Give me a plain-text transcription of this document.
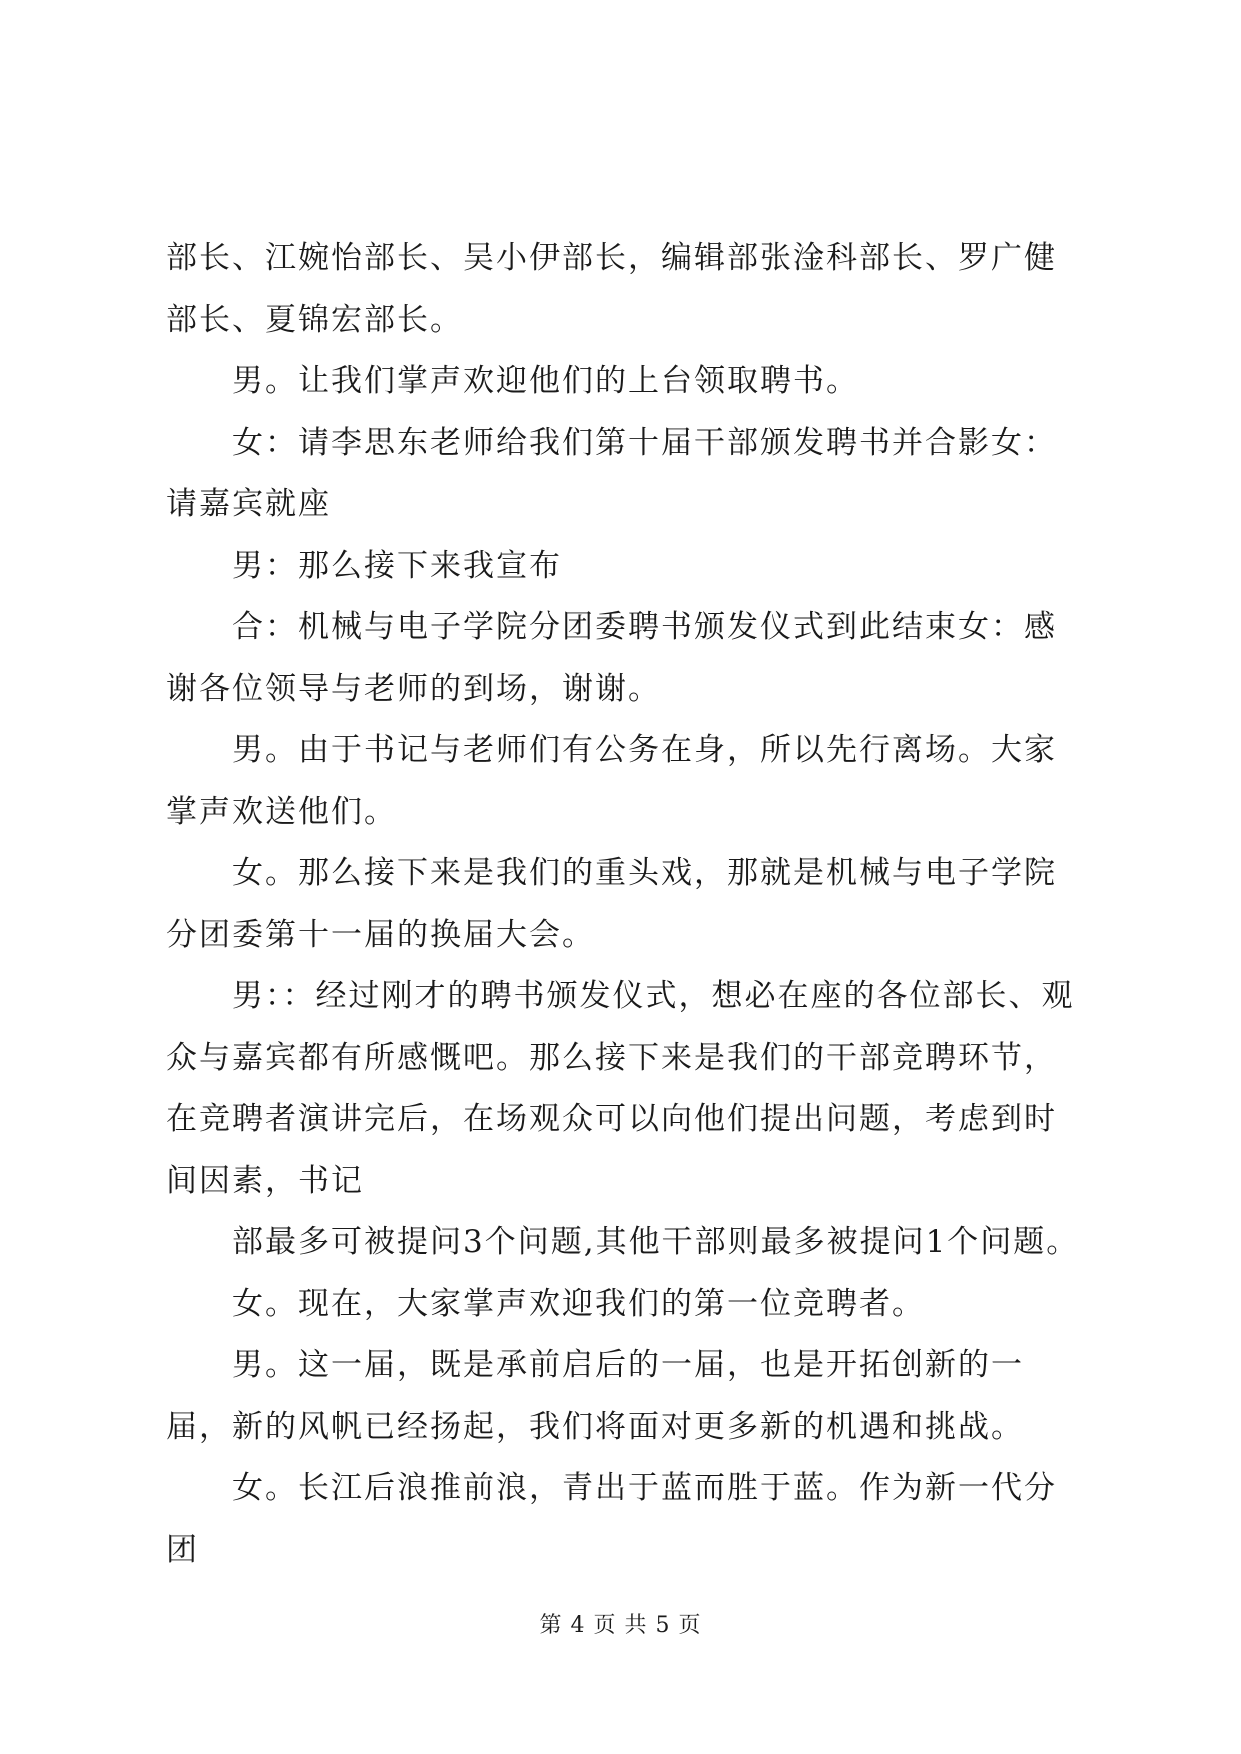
部长、江婉怡部长、吴小伊部长，编辑部张淦科部长、罗广健部长、夏锦宏部长。

男。让我们掌声欢迎他们的上台领取聘书。

女：请李思东老师给我们第十届干部颁发聘书并合影女：请嘉宾就座

男：那么接下来我宣布

合：机械与电子学院分团委聘书颁发仪式到此结束女：感谢各位领导与老师的到场，谢谢。

男。由于书记与老师们有公务在身，所以先行离场。大家掌声欢送他们。

女。那么接下来是我们的重头戏，那就是机械与电子学院分团委第十一届的换届大会。

男：：经过刚才的聘书颁发仪式，想必在座的各位部长、观众与嘉宾都有所感慨吧。那么接下来是我们的干部竞聘环节，在竞聘者演讲完后，在场观众可以向他们提出问题，考虑到时间因素，书记

部最多可被提问3个问题,其他干部则最多被提问1个问题。

女。现在，大家掌声欢迎我们的第一位竞聘者。

男。这一届，既是承前启后的一届，也是开拓创新的一届，新的风帆已经扬起，我们将面对更多新的机遇和挑战。

女。长江后浪推前浪，青出于蓝而胜于蓝。作为新一代分团

第 4 页 共 5 页
